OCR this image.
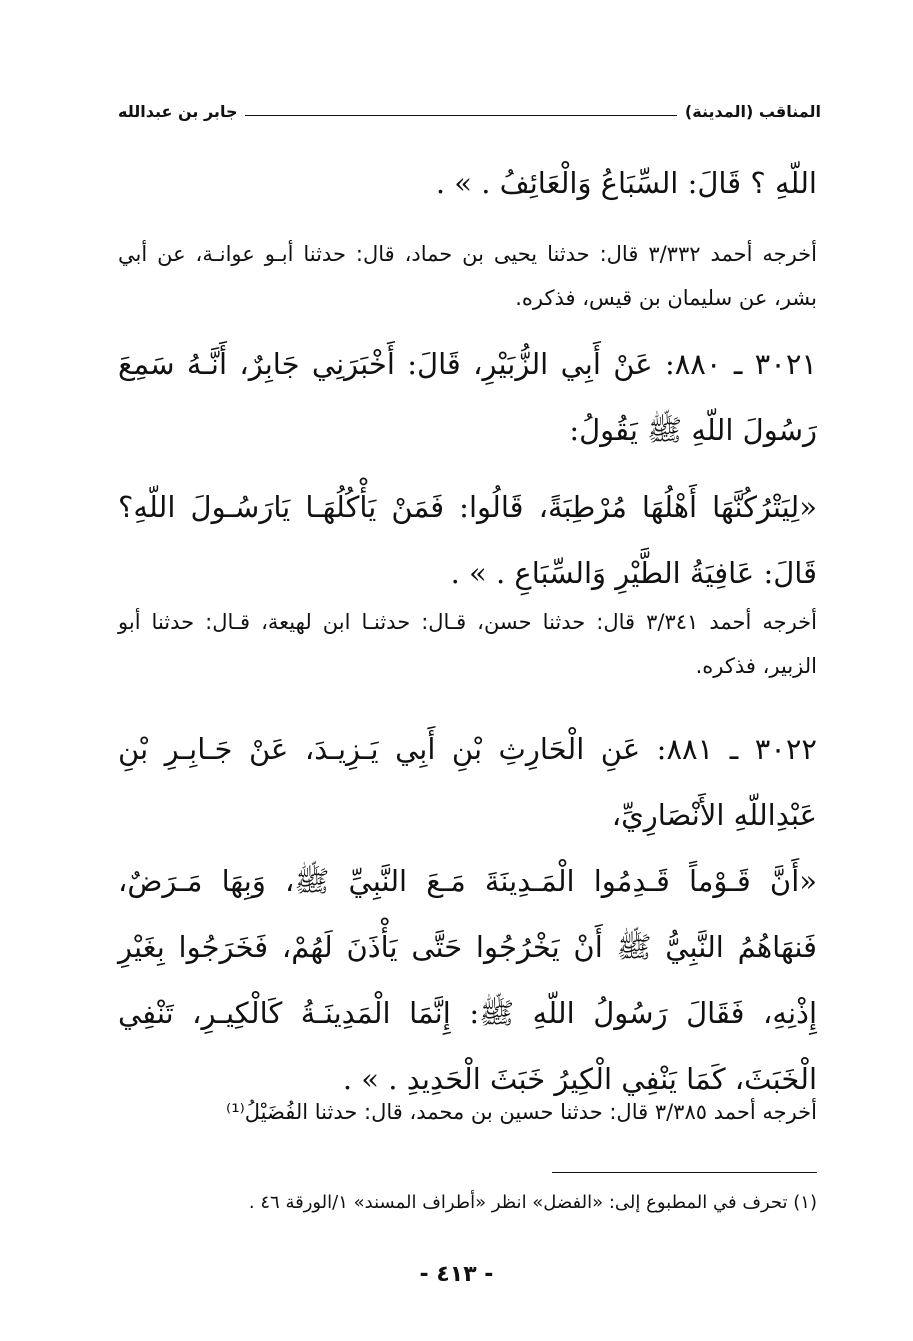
المناقب (المدينة)
جابر بن عبدالله
اللّهِ ؟ قَالَ: السِّبَاعُ وَالْعَائِفُ . » .
أخرجه أحمد ٣/٣٣٢ قال: حدثنا يحيى بن حماد، قال: حدثنا أبـو عوانـة، عن أبي بشر، عن سليمان بن قيس، فذكره.
٣٠٢١ ـ ٨٨٠: عَنْ أَبِي الزُّبَيْرِ، قَالَ: أَخْبَرَنِي جَابِرٌ، أَنَّـهُ سَمِعَ رَسُولَ اللّهِ ﷺ يَقُولُ:
«لِيَتْرُكُنَّهَا أَهْلُهَا مُرْطِبَةً، قَالُوا: فَمَنْ يَأْكُلُهَـا يَارَسُـولَ اللّهِ؟ قَالَ: عَافِيَةُ الطَّيْرِ وَالسِّبَاعِ . » .
أخرجه أحمد ٣/٣٤١ قال: حدثنا حسن، قـال: حدثنـا ابن لهيعة، قـال: حدثنا أبو الزبير، فذكره.
٣٠٢٢ ـ ٨٨١: عَنِ الْحَارِثِ بْنِ أَبِي يَـزِيـدَ، عَنْ جَـابِـرِ بْنِ عَبْدِاللّهِ الأَنْصَارِيِّ،
«أَنَّ قَـوْماً قَـدِمُوا الْمَـدِينَةَ مَـعَ النَّبِيِّ ﷺ، وَبِهَا مَـرَضٌ، فَنهَاهُمُ النَّبِيُّ ﷺ أَنْ يَخْرُجُوا حَتَّى يَأْذَنَ لَهُمْ، فَخَرَجُوا بِغَيْرِ إِذْنِهِ، فَقَالَ رَسُولُ اللّهِ ﷺ: إِنَّمَا الْمَدِينَـةُ كَالْكِيـرِ، تَنْفِي الْخَبَثَ، كَمَا يَنْفِي الْكِيرُ خَبَثَ الْحَدِيدِ . » .
أخرجه أحمد ٣/٣٨٥ قال: حدثنا حسين بن محمد، قال: حدثنا الفُضَيْلُ⁽¹⁾
(١) تحرف في المطبوع إلى: «الفضل» انظر «أطراف المسند» ١/الورقة ٤٦ .
- ٤١٣ -
